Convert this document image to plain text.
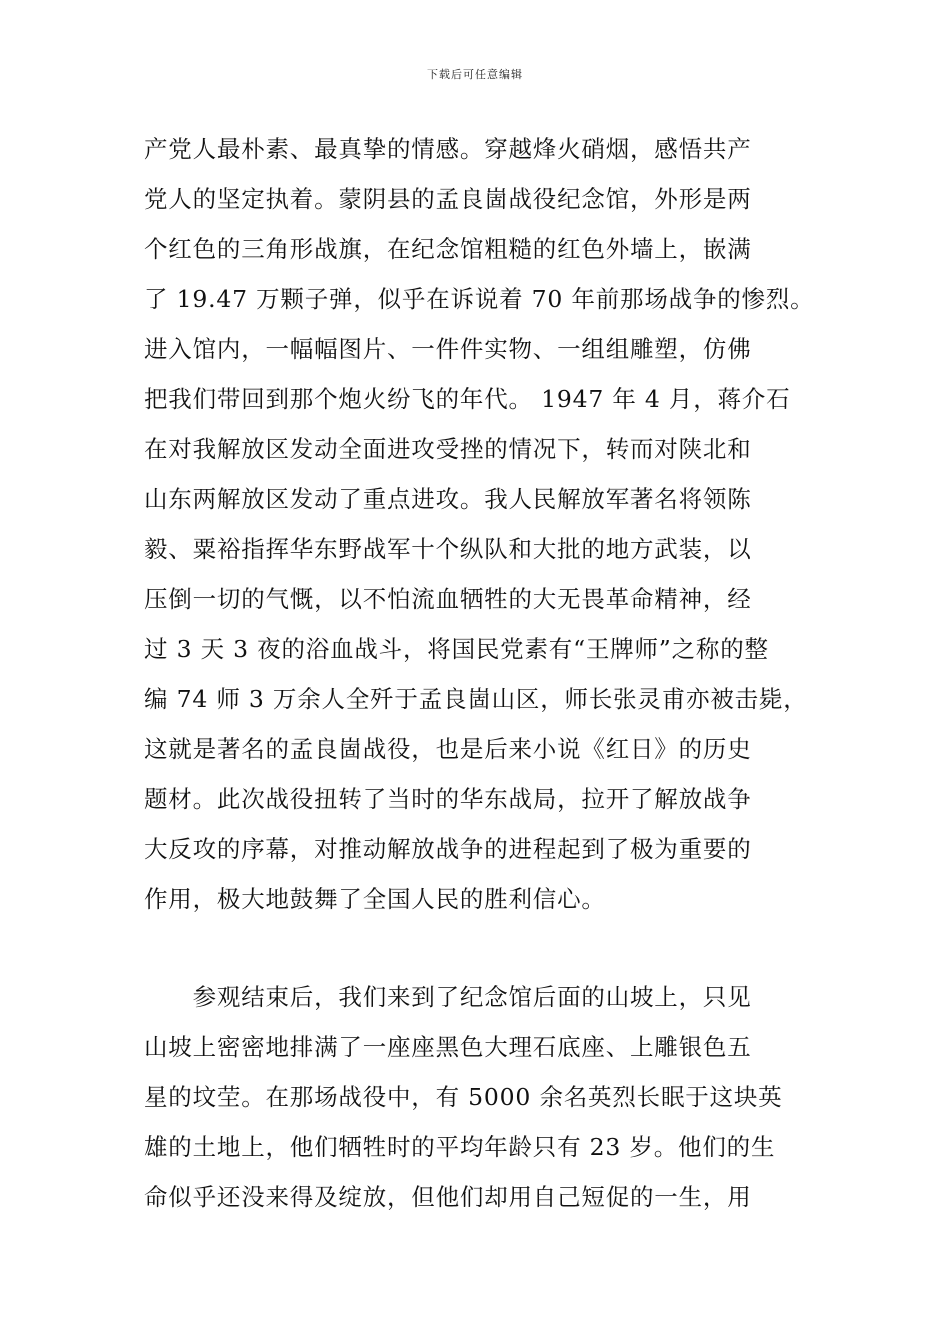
下载后可任意编辑
产党人最朴素、最真挚的情感。穿越烽火硝烟，感悟共产
党人的坚定执着。蒙阴县的孟良崮战役纪念馆，外形是两
个红色的三角形战旗，在纪念馆粗糙的红色外墙上，嵌满
了 19.47 万颗子弹，似乎在诉说着 70 年前那场战争的惨烈。
进入馆内，一幅幅图片、一件件实物、一组组雕塑，仿佛
把我们带回到那个炮火纷飞的年代。 1947 年 4 月，蒋介石
在对我解放区发动全面进攻受挫的情况下，转而对陕北和
山东两解放区发动了重点进攻。我人民解放军著名将领陈
毅、粟裕指挥华东野战军十个纵队和大批的地方武装，以
压倒一切的气慨，以不怕流血牺牲的大无畏革命精神，经
过 3 天 3 夜的浴血战斗，将国民党素有“王牌师”之称的整
编 74 师 3 万余人全歼于孟良崮山区，师长张灵甫亦被击毙，
这就是著名的孟良崮战役，也是后来小说《红日》的历史
题材。此次战役扭转了当时的华东战局，拉开了解放战争
大反攻的序幕，对推动解放战争的进程起到了极为重要的
作用，极大地鼓舞了全国人民的胜利信心。
　　参观结束后，我们来到了纪念馆后面的山坡上，只见
山坡上密密地排满了一座座黑色大理石底座、上雕银色五
星的坟茔。在那场战役中，有 5000 余名英烈长眠于这块英
雄的土地上，他们牺牲时的平均年龄只有 23 岁。他们的生
命似乎还没来得及绽放，但他们却用自己短促的一生，用
